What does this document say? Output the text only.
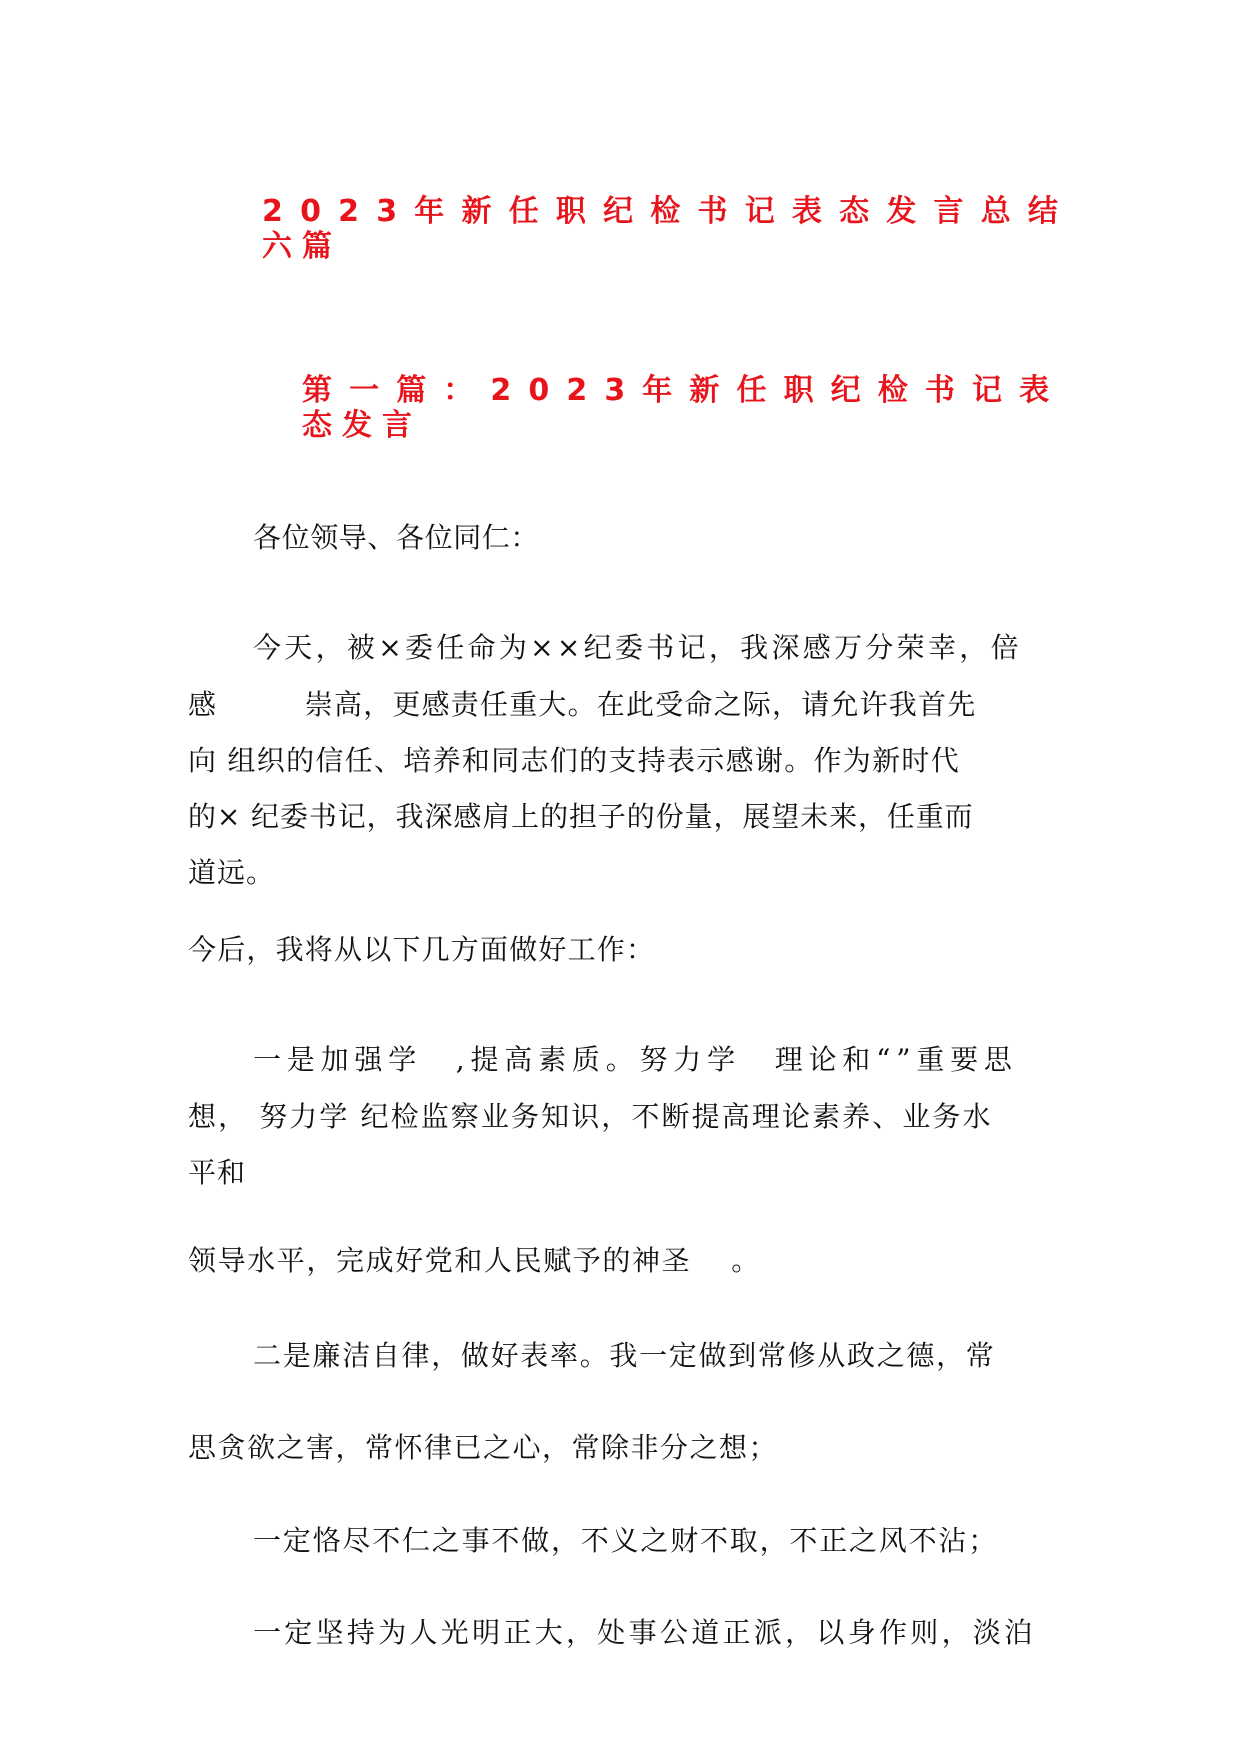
2023年新任职纪检书记表态发言总结
六篇
第一篇：2023年新任职纪检书记表
态发言
各位领导、各位同仁：
今天，被×委任命为××纪委书记，我深感万分荣幸，倍
感　　　崇高，更感责任重大。在此受命之际，请允许我首先
向 组织的信任、培养和同志们的支持表示感谢。作为新时代
的× 纪委书记，我深感肩上的担子的份量，展望未来，任重而
道远。
今后，我将从以下几方面做好工作：
一是加强学　,提高素质。努力学　理论和“”重要思
想， 努力学 纪检监察业务知识，不断提高理论素养、业务水
平和
领导水平，完成好党和人民赋予的神圣　 。
二是廉洁自律，做好表率。我一定做到常修从政之德，常
思贪欲之害，常怀律已之心，常除非分之想；
一定恪尽不仁之事不做，不义之财不取，不正之风不沾；
一定坚持为人光明正大，处事公道正派，以身作则，淡泊
